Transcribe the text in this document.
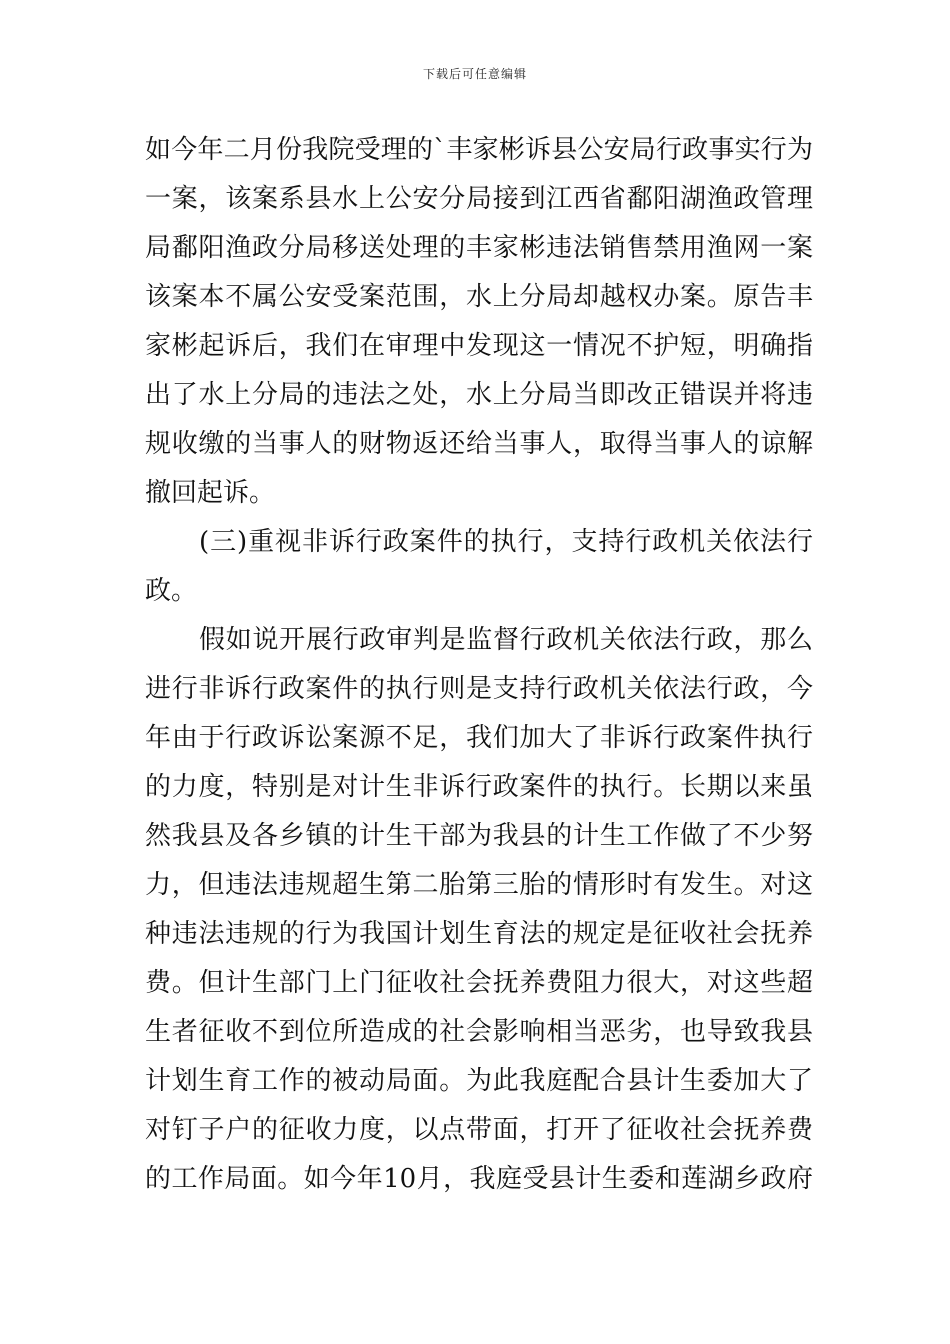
下载后可任意编辑
如今年二月份我院受理的`丰家彬诉县公安局行政事实行为
一案，该案系县水上公安分局接到江西省鄱阳湖渔政管理
局鄱阳渔政分局移送处理的丰家彬违法销售禁用渔网一案
该案本不属公安受案范围，水上分局却越权办案。原告丰
家彬起诉后，我们在审理中发现这一情况不护短，明确指
出了水上分局的违法之处，水上分局当即改正错误并将违
规收缴的当事人的财物返还给当事人，取得当事人的谅解
撤回起诉。
(三)重视非诉行政案件的执行，支持行政机关依法行
政。
假如说开展行政审判是监督行政机关依法行政，那么
进行非诉行政案件的执行则是支持行政机关依法行政，今
年由于行政诉讼案源不足，我们加大了非诉行政案件执行
的力度，特别是对计生非诉行政案件的执行。长期以来虽
然我县及各乡镇的计生干部为我县的计生工作做了不少努
力，但违法违规超生第二胎第三胎的情形时有发生。对这
种违法违规的行为我国计划生育法的规定是征收社会抚养
费。但计生部门上门征收社会抚养费阻力很大，对这些超
生者征收不到位所造成的社会影响相当恶劣，也导致我县
计划生育工作的被动局面。为此我庭配合县计生委加大了
对钉子户的征收力度，以点带面，打开了征收社会抚养费
的工作局面。如今年10月，我庭受县计生委和莲湖乡政府
